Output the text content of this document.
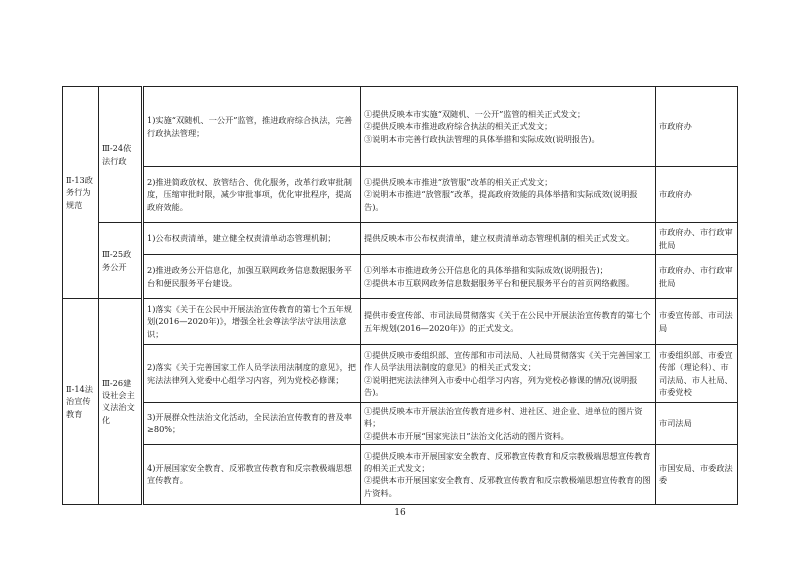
Ⅱ-13政务行为规范	Ⅲ-24依法行政	1)实施“双随机、一公开”监管，推进政府综合执法，完善行政执法管理；	①提供反映本市实施“双随机、一公开”监管的相关正式发文；
②提供反映本市推进政府综合执法的相关正式发文；
③说明本市完善行政执法管理的具体举措和实际成效(说明报告)。	市政府办
		2)推进简政放权、放管结合、优化服务，改革行政审批制度，压缩审批时限，减少审批事项，优化审批程序，提高政府效能。	①提供反映本市推进“放管服”改革的相关正式发文；
②说明本市推进“放管服”改革，提高政府效能的具体举措和实际成效(说明报告)。	市政府办
	Ⅲ-25政务公开	1)公布权责清单，建立健全权责清单动态管理机制；	提供反映本市公布权责清单，建立权责清单动态管理机制的相关正式发文。	市政府办、市行政审批局
		2)推进政务公开信息化，加强互联网政务信息数据服务平台和便民服务平台建设。	①列举本市推进政务公开信息化的具体举措和实际成效(说明报告)；
②提供本市互联网政务信息数据服务平台和便民服务平台的首页网络截图。	市政府办、市行政审批局
Ⅱ-14法治宣传教育	Ⅲ-26建设社会主义法治文化	1)落实《关于在公民中开展法治宣传教育的第七个五年规划(2016—2020年)》，增强全社会尊法学法守法用法意识；	提供市委宣传部、市司法局贯彻落实《关于在公民中开展法治宣传教育的第七个五年规划(2016—2020年)》的正式发文。	市委宣传部、市司法局
		2)落实《关于完善国家工作人员学法用法制度的意见》，把宪法法律列入党委中心组学习内容，列为党校必修课；	①提供反映市委组织部、宣传部和市司法局、人社局贯彻落实《关于完善国家工作人员学法用法制度的意见》的相关正式发文；
②说明把宪法法律列入市委中心组学习内容，列为党校必修课的情况(说明报告)。	市委组织部、市委宣传部（理论科）、市司法局、市人社局、市委党校
		3)开展群众性法治文化活动，全民法治宣传教育的普及率≥80%；	①提供反映本市开展法治宣传教育进乡村、进社区、进企业、进单位的图片资料；
②提供本市开展“国家宪法日”法治文化活动的图片资料。	市司法局
		4)开展国家安全教育、反邪教宣传教育和反宗教极端思想宣传教育。	①提供反映本市开展国家安全教育、反邪教宣传教育和反宗教极端思想宣传教育的相关正式发文；
②提供本市开展国家安全教育、反邪教宣传教育和反宗教极端思想宣传教育的图片资料。	市国安局、市委政法委
16
